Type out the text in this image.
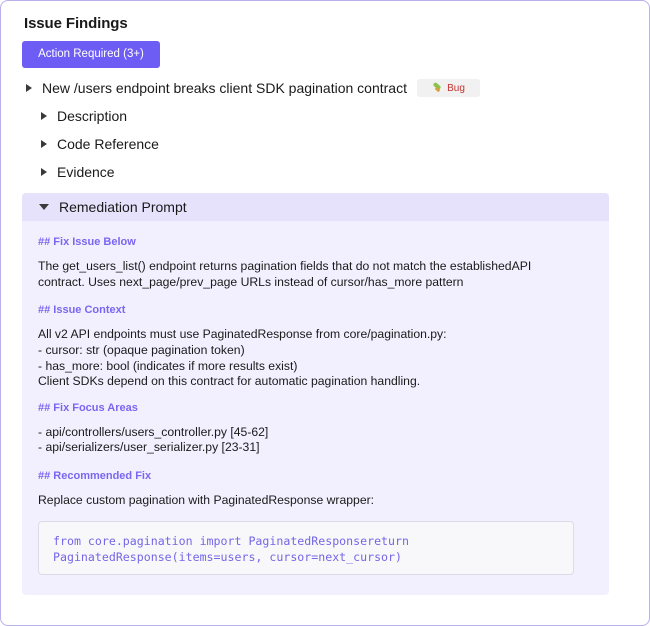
Issue Findings
Action Required (3+)
New /users endpoint breaks client SDK pagination contract	Bug
Description
Code Reference
Evidence
Remediation Prompt
## Fix Issue Below
The get_users_list() endpoint returns pagination fields that do not match the establishedAPI
contract. Uses next_page/prev_page URLs instead of cursor/has_more pattern
## Issue Context
All v2 API endpoints must use PaginatedResponse from core/pagination.py:
- cursor: str (opaque pagination token)
- has_more: bool (indicates if more results exist)
Client SDKs depend on this contract for automatic pagination handling.
## Fix Focus Areas
- api/controllers/users_controller.py [45-62]
- api/serializers/user_serializer.py [23-31]
## Recommended Fix
Replace custom pagination with PaginatedResponse wrapper:
from core.pagination import PaginatedResponsereturn
PaginatedResponse(items=users, cursor=next_cursor)
